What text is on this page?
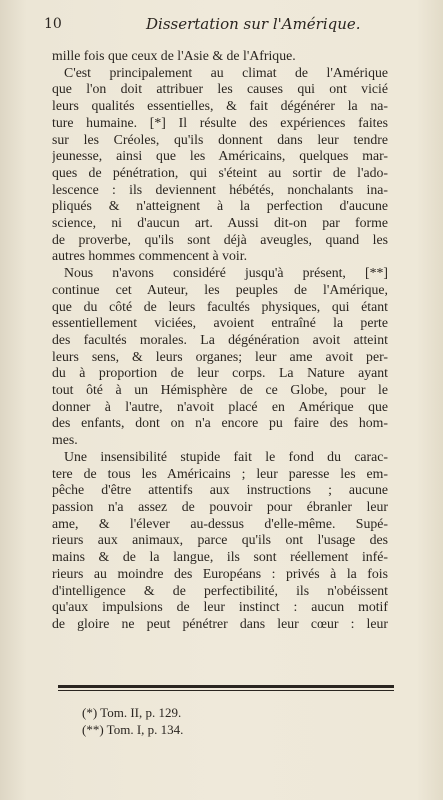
10	Dissertation sur l'Amérique.
mille fois que ceux de l'Asie & de l'Afrique.
C'est principalement au climat de l'Amérique
que l'on doit attribuer les causes qui ont vicié
leurs qualités essentielles, & fait dégénérer la na-
ture humaine. [*] Il résulte des expériences faites
sur les Créoles, qu'ils donnent dans leur tendre
jeunesse, ainsi que les Américains, quelques mar-
ques de pénétration, qui s'éteint au sortir de l'ado-
lescence : ils deviennent hébétés, nonchalants ina-
pliqués & n'atteignent à la perfection d'aucune
science, ni d'aucun art. Aussi dit-on par forme
de proverbe, qu'ils sont déjà aveugles, quand les
autres hommes commencent à voir.
Nous n'avons considéré jusqu'à présent, [**]
continue cet Auteur, les peuples de l'Amérique,
que du côté de leurs facultés physiques, qui étant
essentiellement viciées, avoient entraîné la perte
des facultés morales. La dégénération avoit atteint
leurs sens, & leurs organes; leur ame avoit per-
du à proportion de leur corps. La Nature ayant
tout ôté à un Hémisphère de ce Globe, pour le
donner à l'autre, n'avoit placé en Amérique que
des enfants, dont on n'a encore pu faire des hom-
mes.
Une insensibilité stupide fait le fond du carac-
tere de tous les Américains ; leur paresse les em-
pêche d'être attentifs aux instructions ; aucune
passion n'a assez de pouvoir pour ébranler leur
ame, & l'élever au-dessus d'elle-même. Supé-
rieurs aux animaux, parce qu'ils ont l'usage des
mains & de la langue, ils sont réellement infé-
rieurs au moindre des Européans : privés à la fois
d'intelligence & de perfectibilité, ils n'obéissent
qu'aux impulsions de leur instinct : aucun motif
de gloire ne peut pénétrer dans leur cœur : leur
(*) Tom. II, p. 129.
(**) Tom. I, p. 134.
